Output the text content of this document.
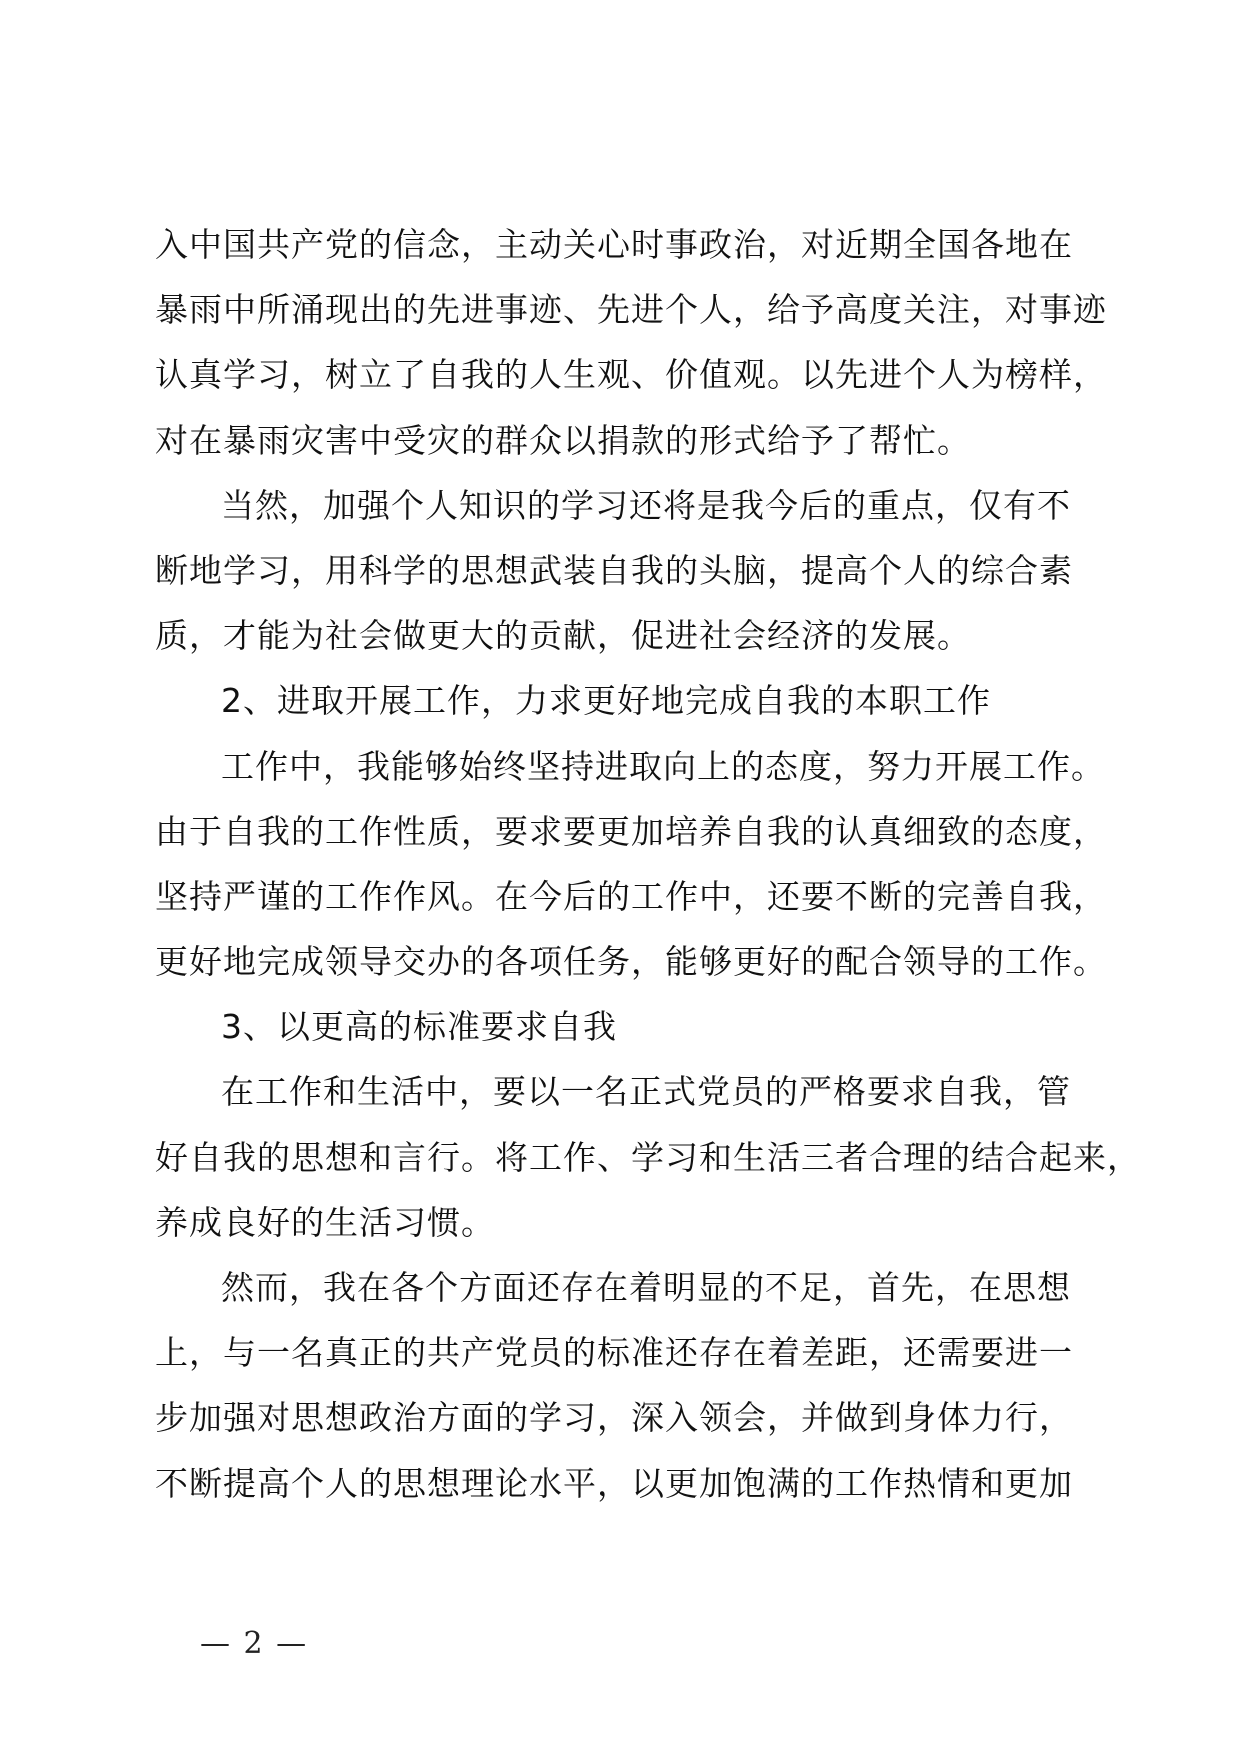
入中国共产党的信念，主动关心时事政治，对近期全国各地在
暴雨中所涌现出的先进事迹、先进个人，给予高度关注，对事迹
认真学习，树立了自我的人生观、价值观。以先进个人为榜样，
对在暴雨灾害中受灾的群众以捐款的形式给予了帮忙。
当然，加强个人知识的学习还将是我今后的重点，仅有不
断地学习，用科学的思想武装自我的头脑，提高个人的综合素
质，才能为社会做更大的贡献，促进社会经济的发展。
2、进取开展工作，力求更好地完成自我的本职工作
工作中，我能够始终坚持进取向上的态度，努力开展工作。
由于自我的工作性质，要求要更加培养自我的认真细致的态度，
坚持严谨的工作作风。在今后的工作中，还要不断的完善自我，
更好地完成领导交办的各项任务，能够更好的配合领导的工作。
3、以更高的标准要求自我
在工作和生活中，要以一名正式党员的严格要求自我，管
好自我的思想和言行。将工作、学习和生活三者合理的结合起来，
养成良好的生活习惯。
然而，我在各个方面还存在着明显的不足，首先，在思想
上，与一名真正的共产党员的标准还存在着差距，还需要进一
步加强对思想政治方面的学习，深入领会，并做到身体力行，
不断提高个人的思想理论水平，以更加饱满的工作热情和更加
— 2 —
